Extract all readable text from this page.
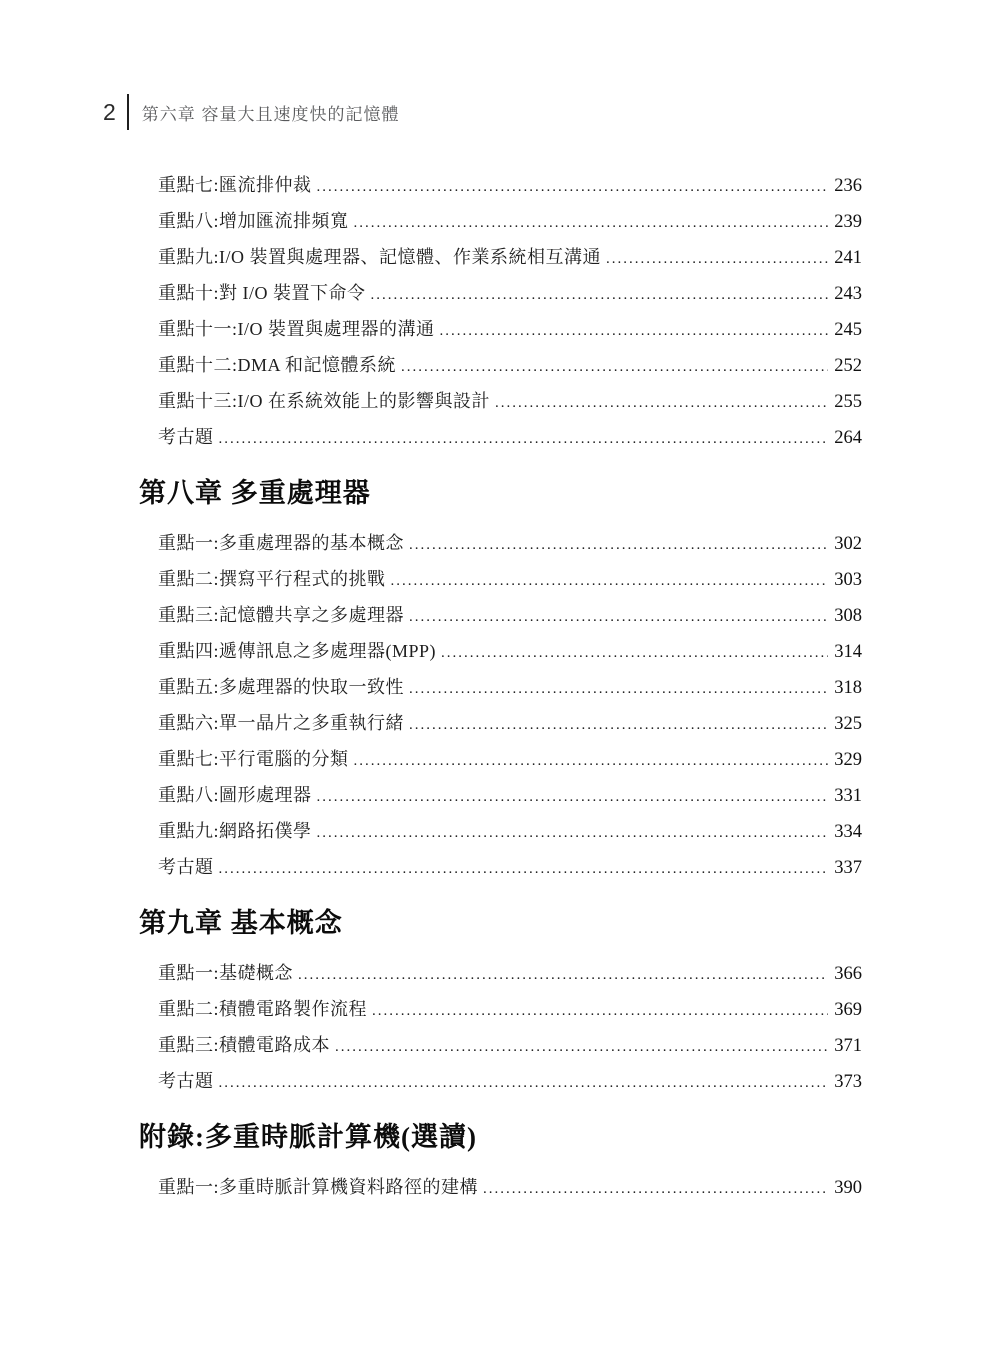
2	第六章 容量大且速度快的記憶體
重點七:匯流排仲裁 .....	236
重點八:增加匯流排頻寬 .....	239
重點九:I/O 裝置與處理器、記憶體、作業系統相互溝通 .....	241
重點十:對 I/O 裝置下命令 .....	243
重點十一:I/O 裝置與處理器的溝通 .....	245
重點十二:DMA 和記憶體系統 .....	252
重點十三:I/O 在系統效能上的影響與設計 .....	255
考古題 .....	264
第八章 多重處理器
重點一:多重處理器的基本概念 .....	302
重點二:撰寫平行程式的挑戰 .....	303
重點三:記憶體共享之多處理器 .....	308
重點四:遞傳訊息之多處理器(MPP) .....	314
重點五:多處理器的快取一致性 .....	318
重點六:單一晶片之多重執行緒 .....	325
重點七:平行電腦的分類 .....	329
重點八:圖形處理器 .....	331
重點九:網路拓僕學 .....	334
考古題 .....	337
第九章 基本概念
重點一:基礎概念 .....	366
重點二:積體電路製作流程 .....	369
重點三:積體電路成本 .....	371
考古題 .....	373
附錄:多重時脈計算機(選讀)
重點一:多重時脈計算機資料路徑的建構 .....	390
